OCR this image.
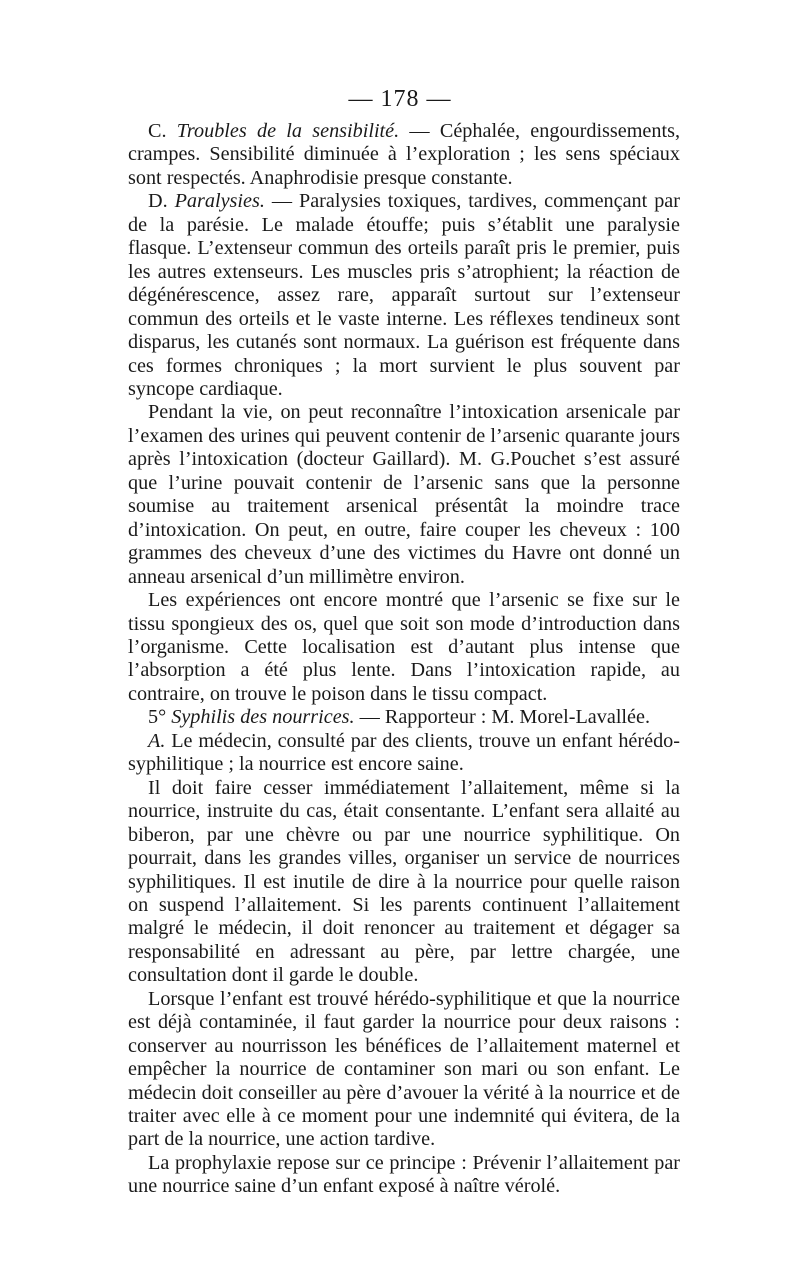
— 178 —

C. Troubles de la sensibilité. — Céphalée, engourdissements, crampes. Sensibilité diminuée à l’exploration ; les sens spéciaux sont respectés. Anaphrodisie presque constante.

D. Paralysies. — Paralysies toxiques, tardives, commençant par de la parésie. Le malade étouffe; puis s’établit une paralysie flasque. L’extenseur commun des orteils paraît pris le premier, puis les autres extenseurs. Les muscles pris s’atrophient; la réaction de dégénérescence, assez rare, apparaît surtout sur l’extenseur commun des orteils et le vaste interne. Les réflexes tendineux sont disparus, les cutanés sont normaux. La guérison est fréquente dans ces formes chroniques ; la mort survient le plus souvent par syncope cardiaque.

Pendant la vie, on peut reconnaître l’intoxication arsenicale par l’examen des urines qui peuvent contenir de l’arsenic quarante jours après l’intoxication (docteur Gaillard). M. G.Pouchet s’est assuré que l’urine pouvait contenir de l’arsenic sans que la personne soumise au traitement arsenical présentât la moindre trace d’intoxication. On peut, en outre, faire couper les cheveux : 100 grammes des cheveux d’une des victimes du Havre ont donné un anneau arsenical d’un millimètre environ.

Les expériences ont encore montré que l’arsenic se fixe sur le tissu spongieux des os, quel que soit son mode d’introduction dans l’organisme. Cette localisation est d’autant plus intense que l’absorption a été plus lente. Dans l’intoxication rapide, au contraire, on trouve le poison dans le tissu compact.

5° Syphilis des nourrices. — Rapporteur : M. Morel-Lavallée.

A. Le médecin, consulté par des clients, trouve un enfant hérédo-syphilitique ; la nourrice est encore saine.

Il doit faire cesser immédiatement l’allaitement, même si la nourrice, instruite du cas, était consentante. L’enfant sera allaité au biberon, par une chèvre ou par une nourrice syphilitique. On pourrait, dans les grandes villes, organiser un service de nourrices syphilitiques. Il est inutile de dire à la nourrice pour quelle raison on suspend l’allaitement. Si les parents continuent l’allaitement malgré le médecin, il doit renoncer au traitement et dégager sa responsabilité en adressant au père, par lettre chargée, une consultation dont il garde le double.

Lorsque l’enfant est trouvé hérédo-syphilitique et que la nourrice est déjà contaminée, il faut garder la nourrice pour deux raisons : conserver au nourrisson les bénéfices de l’allaitement maternel et empêcher la nourrice de contaminer son mari ou son enfant. Le médecin doit conseiller au père d’avouer la vérité à la nourrice et de traiter avec elle à ce moment pour une indemnité qui évitera, de la part de la nourrice, une action tardive.

La prophylaxie repose sur ce principe : Prévenir l’allaitement par une nourrice saine d’un enfant exposé à naître vérolé.
